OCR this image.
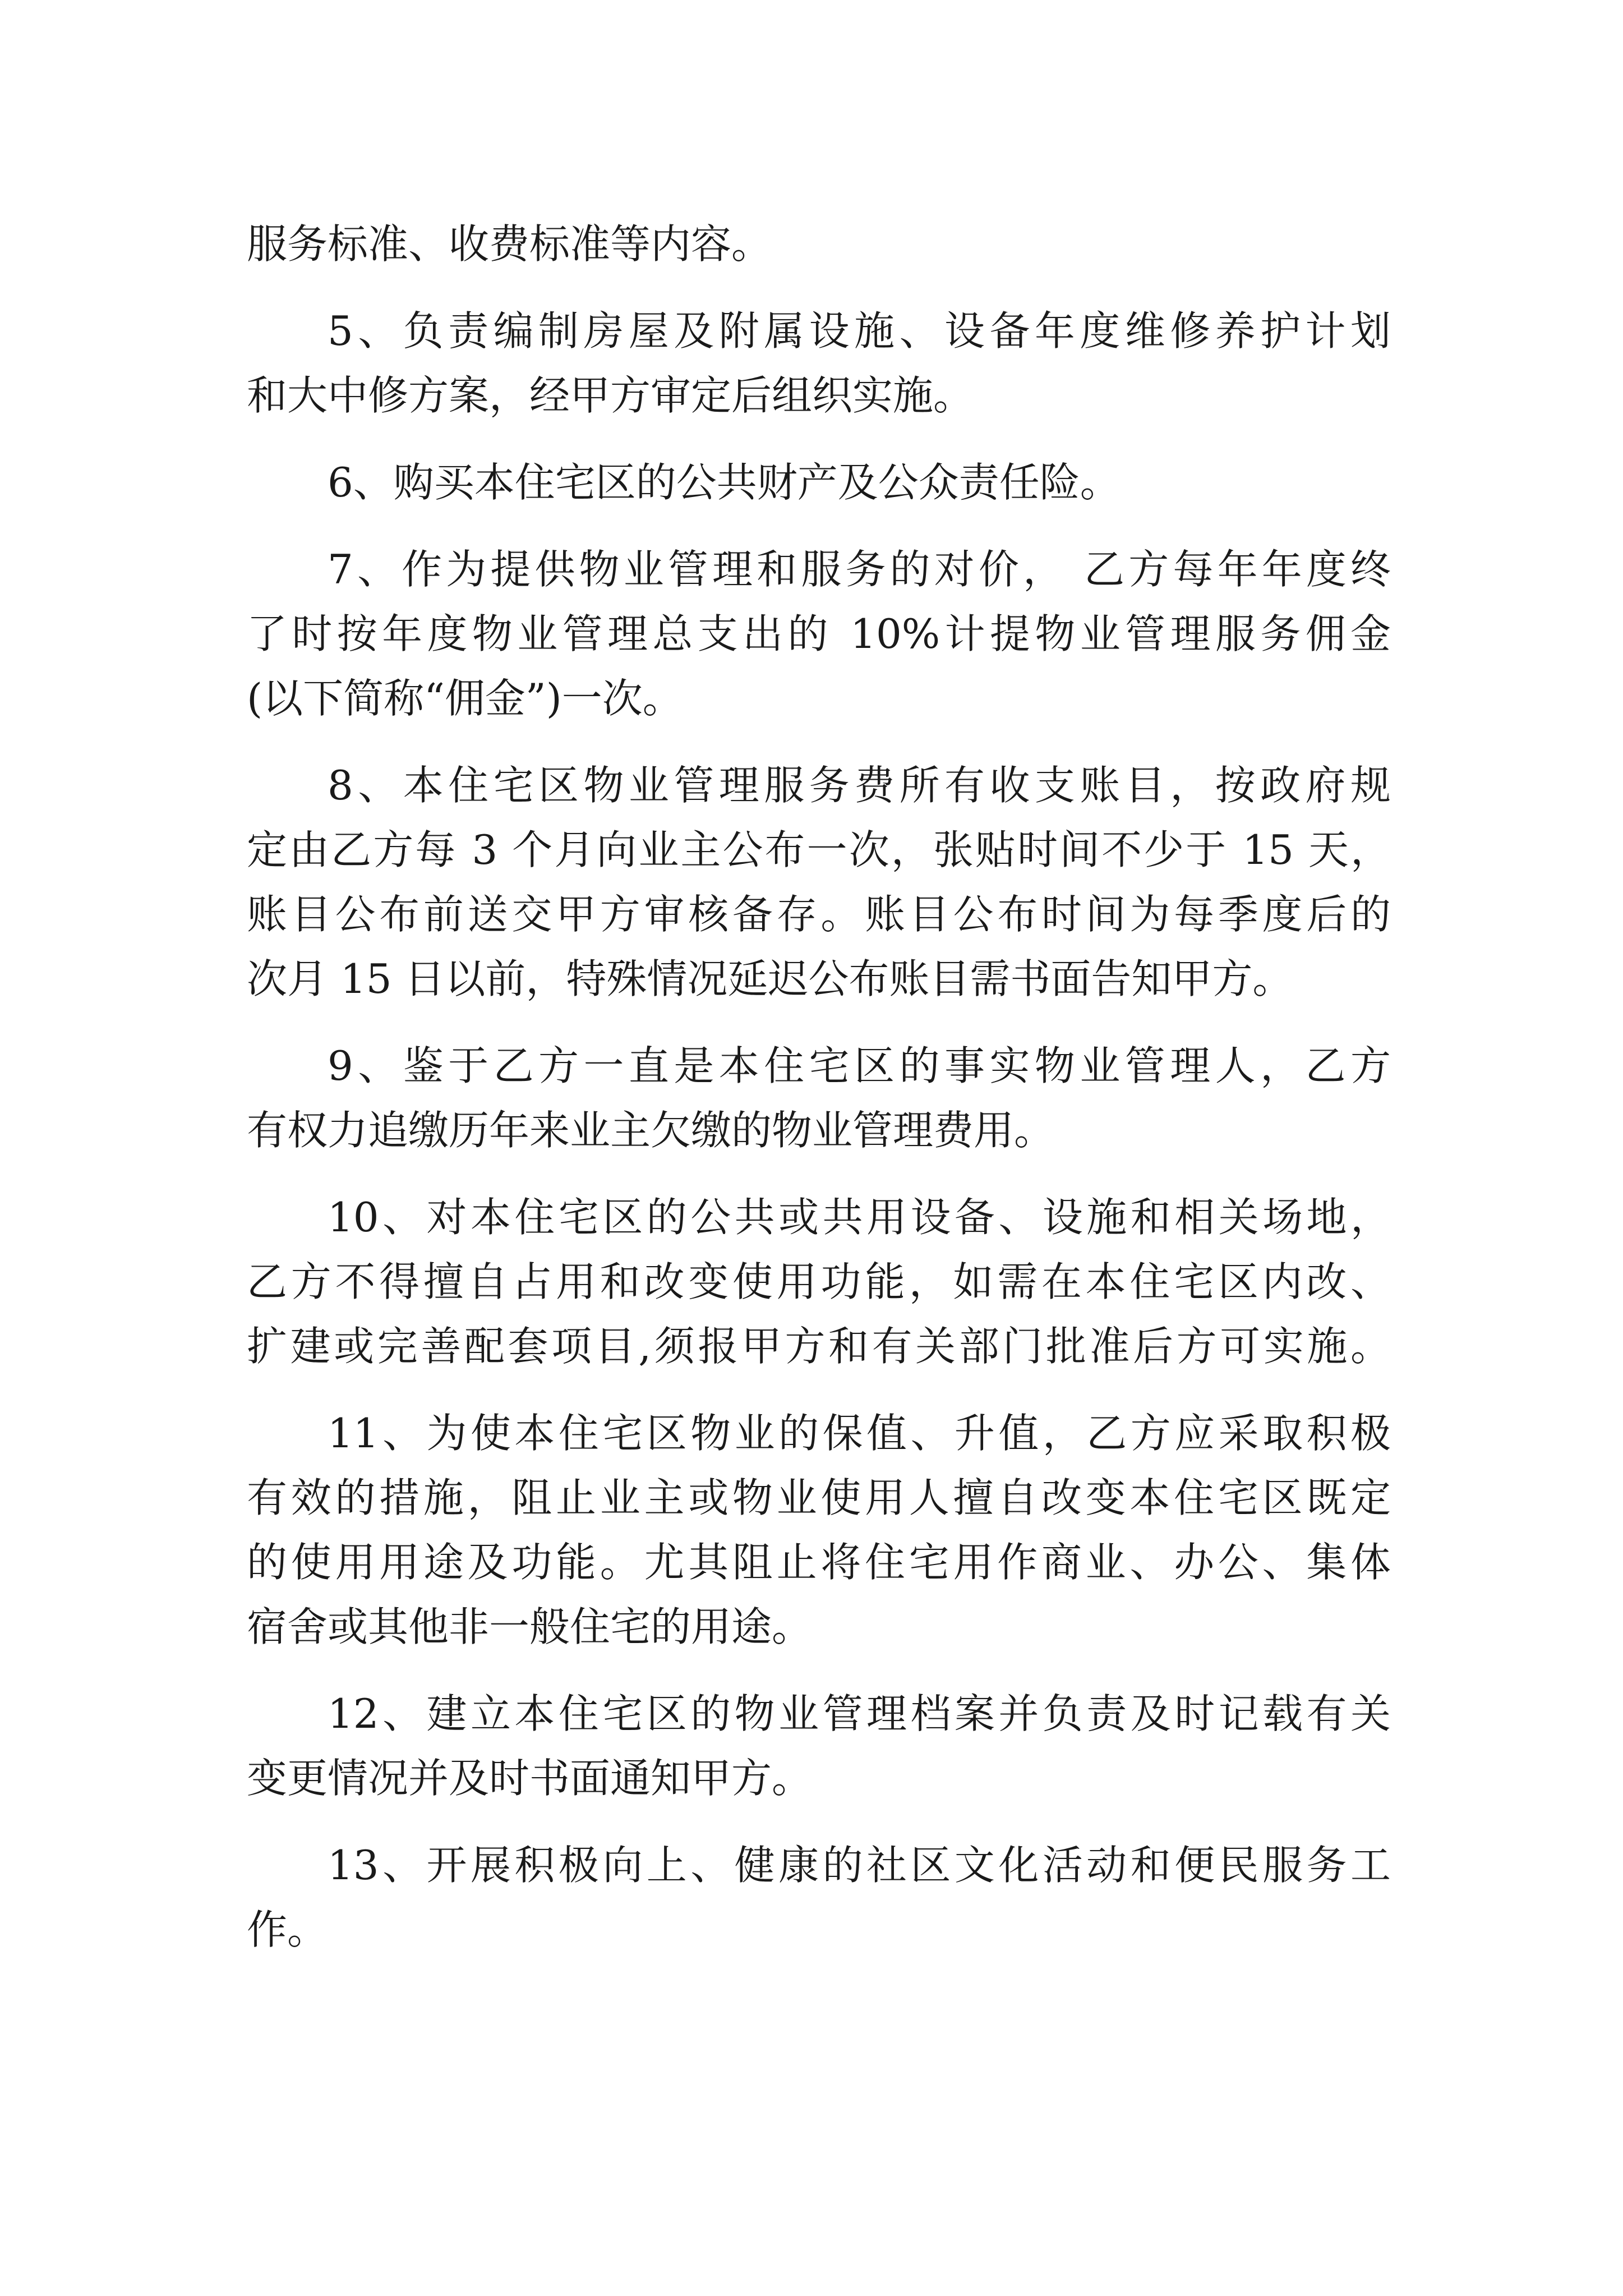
服务标准、收费标准等内容。
5、负责编制房屋及附属设施、设备年度维修养护计划
和大中修方案，经甲方审定后组织实施。
6、购买本住宅区的公共财产及公众责任险。
7、作为提供物业管理和服务的对价， 乙方每年年度终
了时按年度物业管理总支出的 10%计提物业管理服务佣金
(以下简称“佣金”)一次。
8、本住宅区物业管理服务费所有收支账目，按政府规
定由乙方每 3 个月向业主公布一次，张贴时间不少于 15 天，
账目公布前送交甲方审核备存。账目公布时间为每季度后的
次月 15 日以前，特殊情况延迟公布账目需书面告知甲方。
9、鉴于乙方一直是本住宅区的事实物业管理人，乙方
有权力追缴历年来业主欠缴的物业管理费用。
10、对本住宅区的公共或共用设备、设施和相关场地，
乙方不得擅自占用和改变使用功能，如需在本住宅区内改、
扩建或完善配套项目,须报甲方和有关部门批准后方可实施。
11、为使本住宅区物业的保值、升值，乙方应采取积极
有效的措施，阻止业主或物业使用人擅自改变本住宅区既定
的使用用途及功能。尤其阻止将住宅用作商业、办公、集体
宿舍或其他非一般住宅的用途。
12、建立本住宅区的物业管理档案并负责及时记载有关
变更情况并及时书面通知甲方。
13、开展积极向上、健康的社区文化活动和便民服务工
作。
